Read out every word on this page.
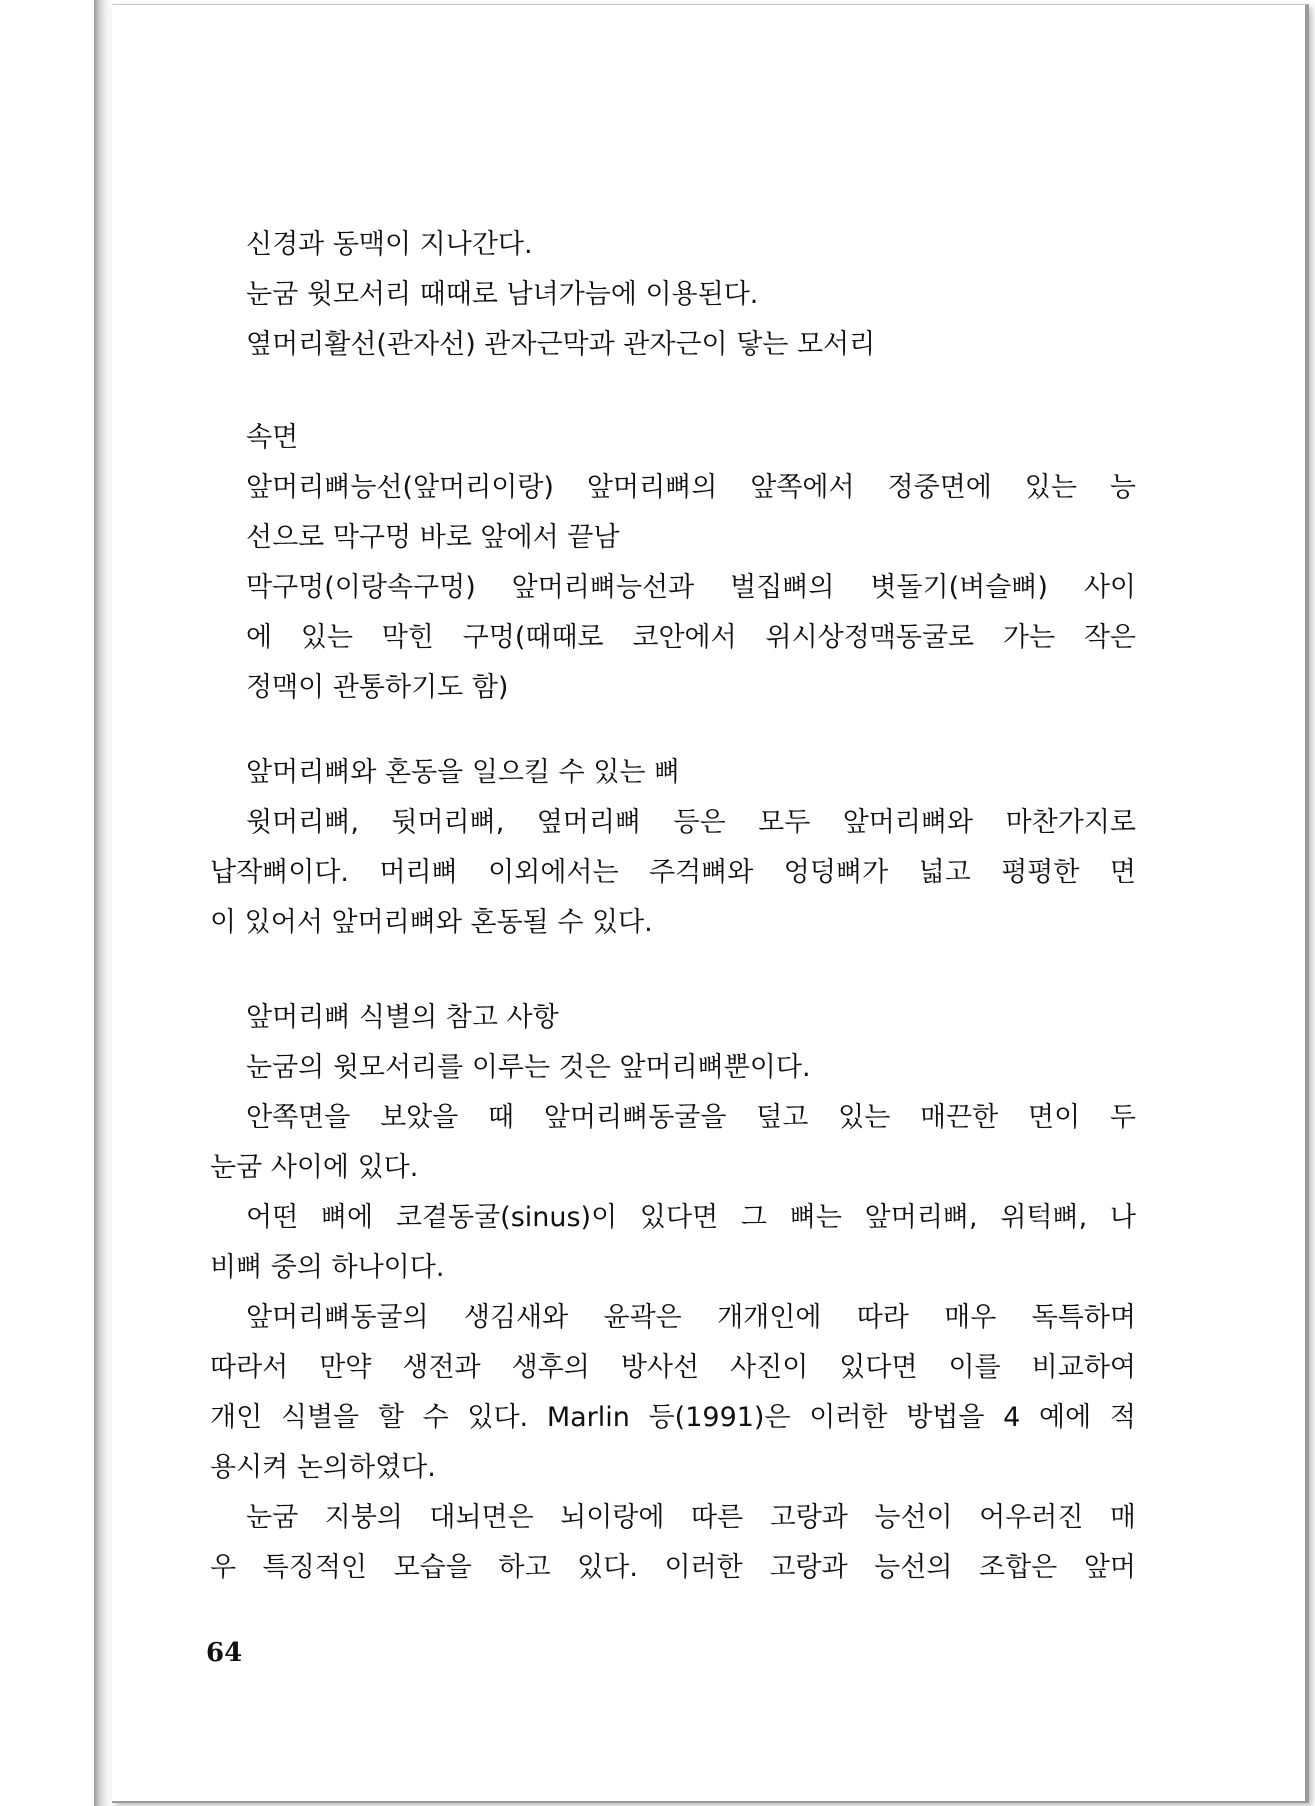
신경과 동맥이 지나간다.
눈굼 윗모서리 때때로 남녀가늠에 이용된다.
옆머리활선(관자선) 관자근막과 관자근이 닿는 모서리
속면
앞머리뼈능선(앞머리이랑) 앞머리뼈의 앞쪽에서 정중면에 있는 능
선으로 막구멍 바로 앞에서 끝남
막구멍(이랑속구멍) 앞머리뼈능선과 벌집뼈의 볏돌기(벼슬뼈) 사이
에 있는 막힌 구멍(때때로 코안에서 위시상정맥동굴로 가는 작은
정맥이 관통하기도 함)
앞머리뼈와 혼동을 일으킬 수 있는 뼈
윗머리뼈, 뒷머리뼈, 옆머리뼈 등은 모두 앞머리뼈와 마찬가지로
납작뼈이다. 머리뼈 이외에서는 주걱뼈와 엉덩뼈가 넓고 평평한 면
이 있어서 앞머리뼈와 혼동될 수 있다.
앞머리뼈 식별의 참고 사항
눈굼의 윗모서리를 이루는 것은 앞머리뼈뿐이다.
안쪽면을 보았을 때 앞머리뼈동굴을 덮고 있는 매끈한 면이 두
눈굼 사이에 있다.
어떤 뼈에 코곁동굴(sinus)이 있다면 그 뼈는 앞머리뼈, 위턱뼈, 나
비뼈 중의 하나이다.
앞머리뼈동굴의 생김새와 윤곽은 개개인에 따라 매우 독특하며
따라서 만약 생전과 생후의 방사선 사진이 있다면 이를 비교하여
개인 식별을 할 수 있다. Marlin 등(1991)은 이러한 방법을 4 예에 적
용시켜 논의하였다.
눈굼 지붕의 대뇌면은 뇌이랑에 따른 고랑과 능선이 어우러진 매
우 특징적인 모습을 하고 있다. 이러한 고랑과 능선의 조합은 앞머
64
